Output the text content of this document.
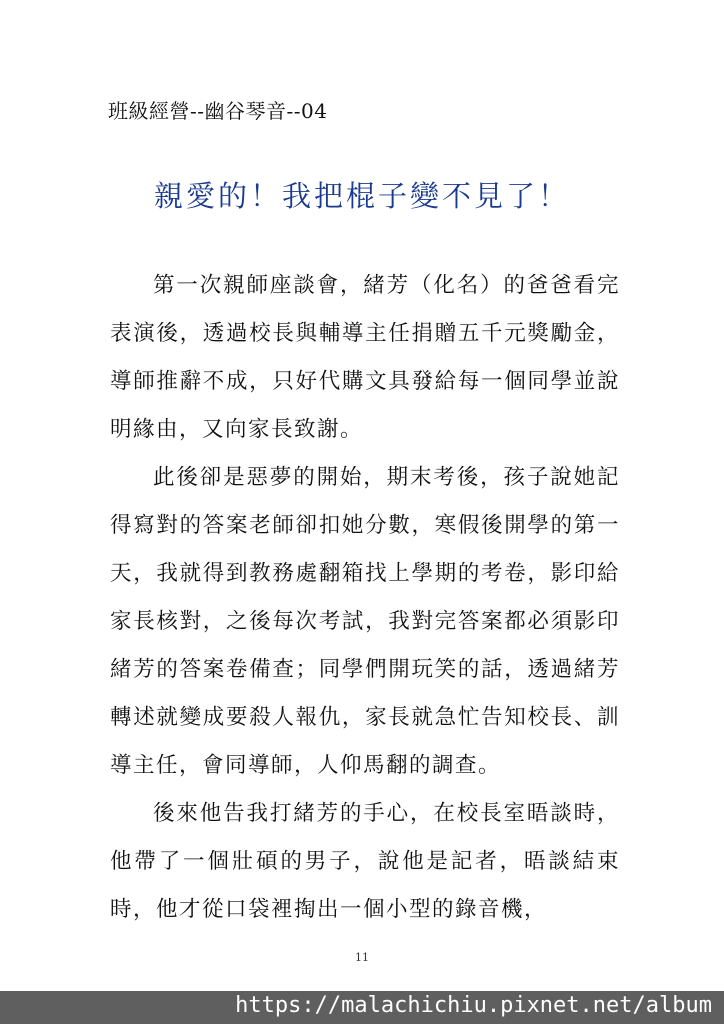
班級經營--幽谷琴音--04
親愛的！我把棍子變不見了！

第一次親師座談會，緒芳（化名）的爸爸看完表演後，透過校長與輔導主任捐贈五千元獎勵金，導師推辭不成，只好代購文具發給每一個同學並說明緣由，又向家長致謝。

此後卻是惡夢的開始，期末考後，孩子說她記得寫對的答案老師卻扣她分數，寒假後開學的第一天，我就得到教務處翻箱找上學期的考卷，影印給家長核對，之後每次考試，我對完答案都必須影印緒芳的答案卷備查；同學們開玩笑的話，透過緒芳轉述就變成要殺人報仇，家長就急忙告知校長、訓導主任，會同導師，人仰馬翻的調查。

後來他告我打緒芳的手心，在校長室晤談時，他帶了一個壯碩的男子，說他是記者，晤談結束時，他才從口袋裡掏出一個小型的錄音機，

11
https://malachichiu.pixnet.net/album
